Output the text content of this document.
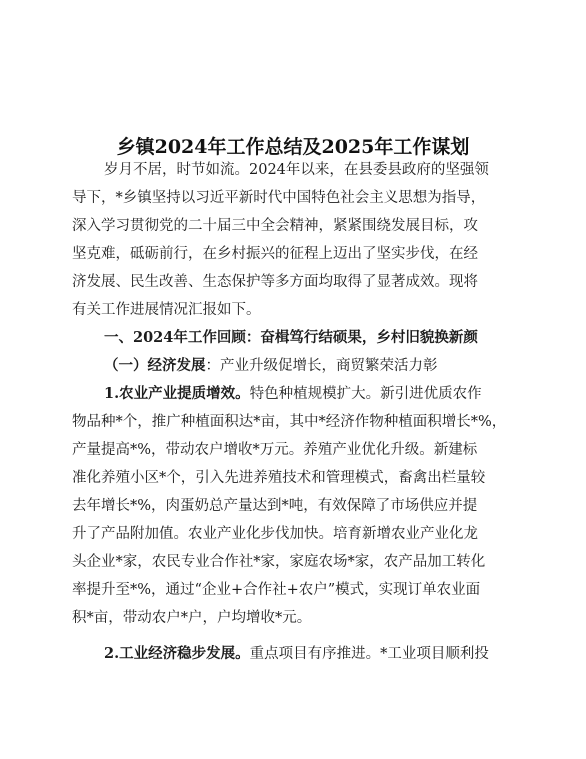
乡镇2024年工作总结及2025年工作谋划
岁月不居，时节如流。2024年以来，在县委县政府的坚强领
导下，*乡镇坚持以习近平新时代中国特色社会主义思想为指导，
深入学习贯彻党的二十届三中全会精神，紧紧围绕发展目标，攻
坚克难，砥砺前行，在乡村振兴的征程上迈出了坚实步伐，在经
济发展、民生改善、生态保护等多方面均取得了显著成效。现将
有关工作进展情况汇报如下。
一、2024年工作回顾：奋楫笃行结硕果，乡村旧貌换新颜
（一）经济发展：产业升级促增长，商贸繁荣活力彰
1.农业产业提质增效。特色种植规模扩大。新引进优质农作
物品种*个，推广种植面积达*亩，其中*经济作物种植面积增长*%，
产量提高*%，带动农户增收*万元。养殖产业优化升级。新建标
准化养殖小区*个，引入先进养殖技术和管理模式，畜禽出栏量较
去年增长*%，肉蛋奶总产量达到*吨，有效保障了市场供应并提
升了产品附加值。农业产业化步伐加快。培育新增农业产业化龙
头企业*家，农民专业合作社*家，家庭农场*家，农产品加工转化
率提升至*%，通过“企业+合作社+农户”模式，实现订单农业面
积*亩，带动农户*户，户均增收*元。
2.工业经济稳步发展。重点项目有序推进。*工业项目顺利投
